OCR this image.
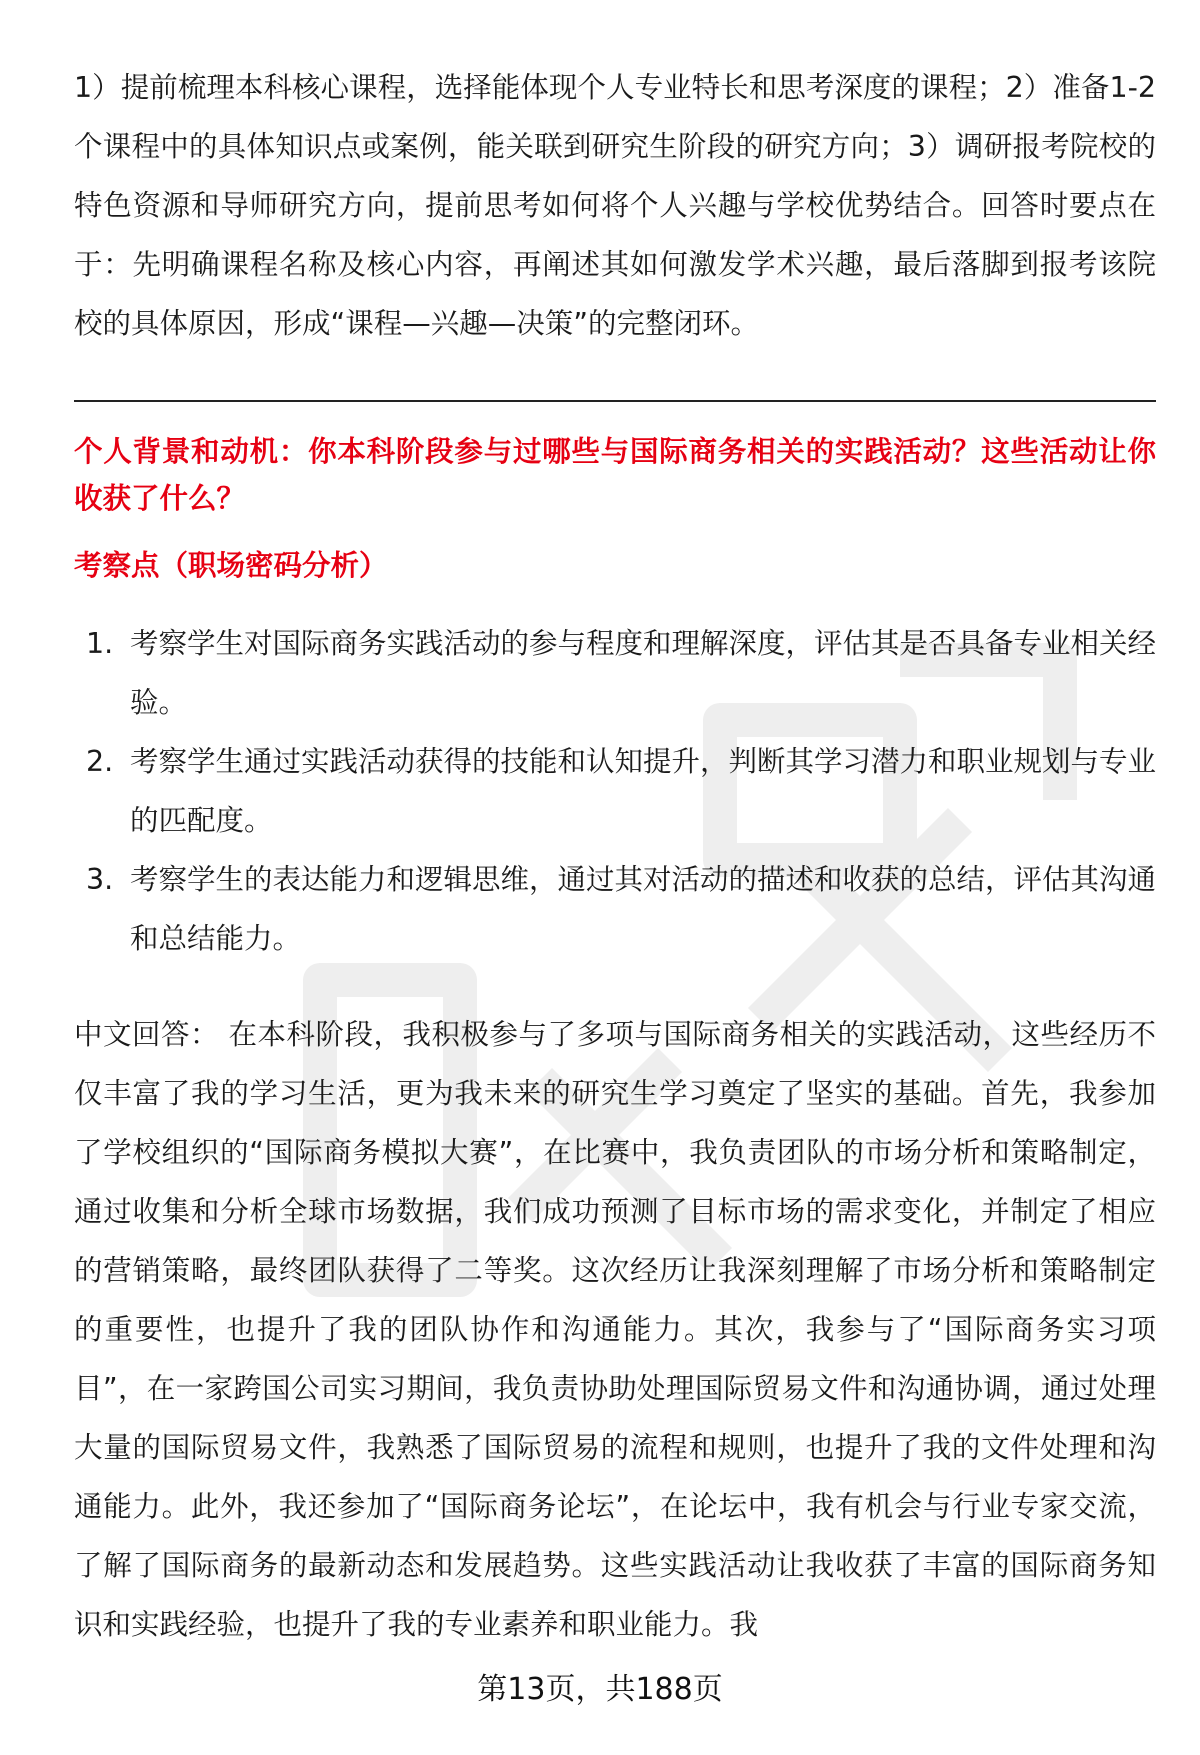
1）提前梳理本科核心课程，选择能体现个人专业特长和思考深度的课程；2）准备1-2个课程中的具体知识点或案例，能关联到研究生阶段的研究方向；3）调研报考院校的特色资源和导师研究方向，提前思考如何将个人兴趣与学校优势结合。回答时要点在于：先明确课程名称及核心内容，再阐述其如何激发学术兴趣，最后落脚到报考该院校的具体原因，形成“课程—兴趣—决策”的完整闭环。

个人背景和动机：你本科阶段参与过哪些与国际商务相关的实践活动？这些活动让你收获了什么？

考察点（职场密码分析）

1. 考察学生对国际商务实践活动的参与程度和理解深度，评估其是否具备专业相关经验。
2. 考察学生通过实践活动获得的技能和认知提升，判断其学习潜力和职业规划与专业的匹配度。
3. 考察学生的表达能力和逻辑思维，通过其对活动的描述和收获的总结，评估其沟通和总结能力。

中文回答： 在本科阶段，我积极参与了多项与国际商务相关的实践活动，这些经历不仅丰富了我的学习生活，更为我未来的研究生学习奠定了坚实的基础。首先，我参加了学校组织的“国际商务模拟大赛”，在比赛中，我负责团队的市场分析和策略制定，通过收集和分析全球市场数据，我们成功预测了目标市场的需求变化，并制定了相应的营销策略，最终团队获得了二等奖。这次经历让我深刻理解了市场分析和策略制定的重要性，也提升了我的团队协作和沟通能力。其次，我参与了“国际商务实习项目”，在一家跨国公司实习期间，我负责协助处理国际贸易文件和沟通协调，通过处理大量的国际贸易文件，我熟悉了国际贸易的流程和规则，也提升了我的文件处理和沟通能力。此外，我还参加了“国际商务论坛”，在论坛中，我有机会与行业专家交流，了解了国际商务的最新动态和发展趋势。这些实践活动让我收获了丰富的国际商务知识和实践经验，也提升了我的专业素养和职业能力。我

第13页，共188页
